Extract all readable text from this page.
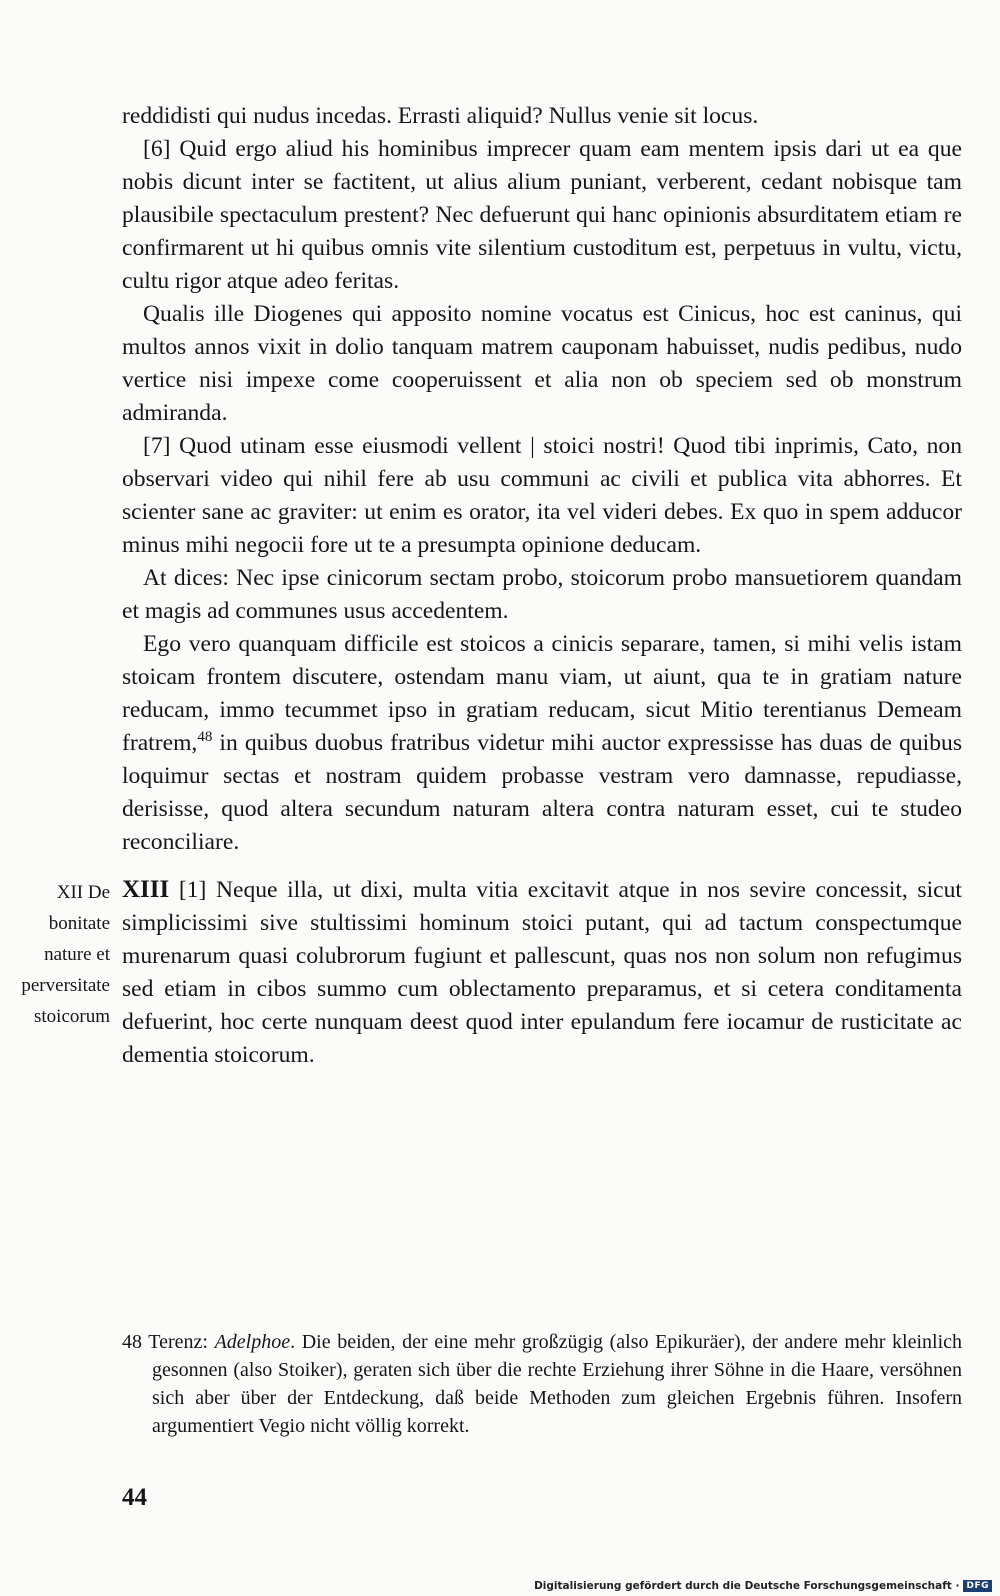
reddidisti qui nudus incedas. Errasti aliquid? Nullus venie sit locus.

[6] Quid ergo aliud his hominibus imprecer quam eam mentem ipsis dari ut ea que nobis dicunt inter se factitent, ut alius alium puniant, verberent, cedant nobisque tam plausibile spectaculum prestent? Nec defuerunt qui hanc opinionis absurditatem etiam re confirmarent ut hi quibus omnis vite silentium custoditum est, perpetuus in vultu, victu, cultu rigor atque adeo feritas.

Qualis ille Diogenes qui apposito nomine vocatus est Cinicus, hoc est caninus, qui multos annos vixit in dolio tanquam matrem cauponam habuisset, nudis pedibus, nudo vertice nisi impexe come cooperuissent et alia non ob speciem sed ob monstrum admiranda.

[7] Quod utinam esse eiusmodi vellent | stoici nostri! Quod tibi inprimis, Cato, non observari video qui nihil fere ab usu communi ac civili et publica vita abhorres. Et scienter sane ac graviter: ut enim es orator, ita vel videri debes. Ex quo in spem adducor minus mihi negocii fore ut te a presumpta opinione deducam.

At dices: Nec ipse cinicorum sectam probo, stoicorum probo mansuetiorem quandam et magis ad communes usus accedentem.

Ego vero quanquam difficile est stoicos a cinicis separare, tamen, si mihi velis istam stoicam frontem discutere, ostendam manu viam, ut aiunt, qua te in gratiam nature reducam, immo tecummet ipso in gratiam reducam, sicut Mitio terentianus Demeam fratrem,$^{48}$ in quibus duobus fratribus videtur mihi auctor expressisse has duas de quibus loquimur sectas et nostram quidem probasse vestram vero damnasse, repudiasse, derisisse, quod altera secundum naturam altera contra naturam esset, cui te studeo reconciliare.

XII De bonitate nature et perversitate stoicorum

XIII [1] Neque illa, ut dixi, multa vitia excitavit atque in nos sevire concessit, sicut simplicissimi sive stultissimi hominum stoici putant, qui ad tactum conspectumque murenarum quasi colubrorum fugiunt et pallescunt, quas nos non solum non refugimus sed etiam in cibos summo cum oblectamento preparamus, et si cetera conditamenta defuerint, hoc certe nunquam deest quod inter epulandum fere iocamur de rusticitate ac dementia stoicorum.

48 Terenz: Adelphoe. Die beiden, der eine mehr großzügig (also Epikuräer), der andere mehr kleinlich gesonnen (also Stoiker), geraten sich über die rechte Erziehung ihrer Söhne in die Haare, versöhnen sich aber über der Entdeckung, daß beide Methoden zum gleichen Ergebnis führen. Insofern argumentiert Vegio nicht völlig korrekt.
44
Digitalisierung gefördert durch die Deutsche Forschungsgemeinschaft · DFG
